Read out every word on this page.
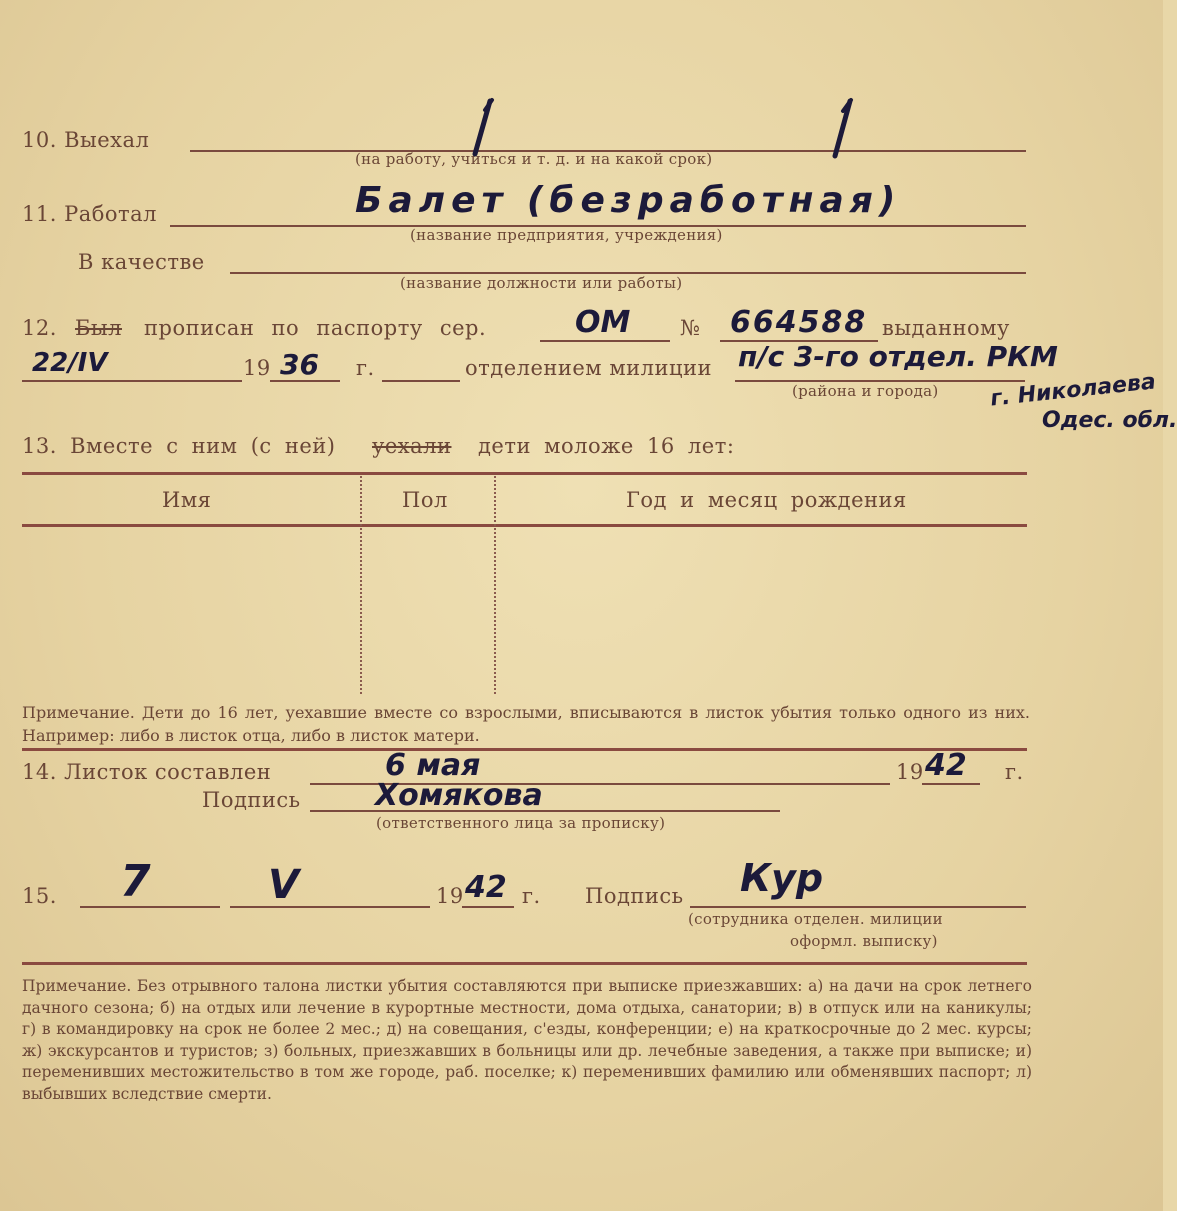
10. Выехал
(на работу, учиться и т. д. и на какой срок)
11. Работал	Балет (безработная)
(название предприятия, учреждения)
В качестве
(название должности или работы)
12. Был прописан по паспорту сер.	ОМ № 664588 выданному
22/IV	19 36 г.	отделением милиции п/с 3-го отдел. РКМ
(района и города) г. Николаева
Одес. обл.
13. Вместе с ним (с ней) уехали дети моложе 16 лет:
Имя	Пол	Год и месяц рождения
Примечание. Дети до 16 лет, уехавшие вместе со взрослыми, вписываются в листок убытия только одного из них. Например: либо в листок отца, либо в листок матери.
14. Листок составлен	6 мая	19 42 г.
Подпись Хомякова
(ответственного лица за прописку)
15. 7	V	19 42 г. Подпись Кур
(сотрудника отделен. милиции
оформл. выписку)
Примечание. Без отрывного талона листки убытия составляются при выписке приезжавших: а) на дачи на срок летнего дачного сезона; б) на отдых или лечение в курортные местности, дома отдыха, санатории; в) в отпуск или на каникулы; г) в командировку на срок не более 2 мес.; д) на совещания, с'езды, конференции; е) на краткосрочные до 2 мес. курсы; ж) экскурсантов и туристов; з) больных, приезжавших в больницы или др. лечебные заведения, а также при выписке; и) переменивших местожительство в том же городе, раб. поселке; к) переменивших фамилию или обменявших паспорт; л) выбывших вследствие смерти.
